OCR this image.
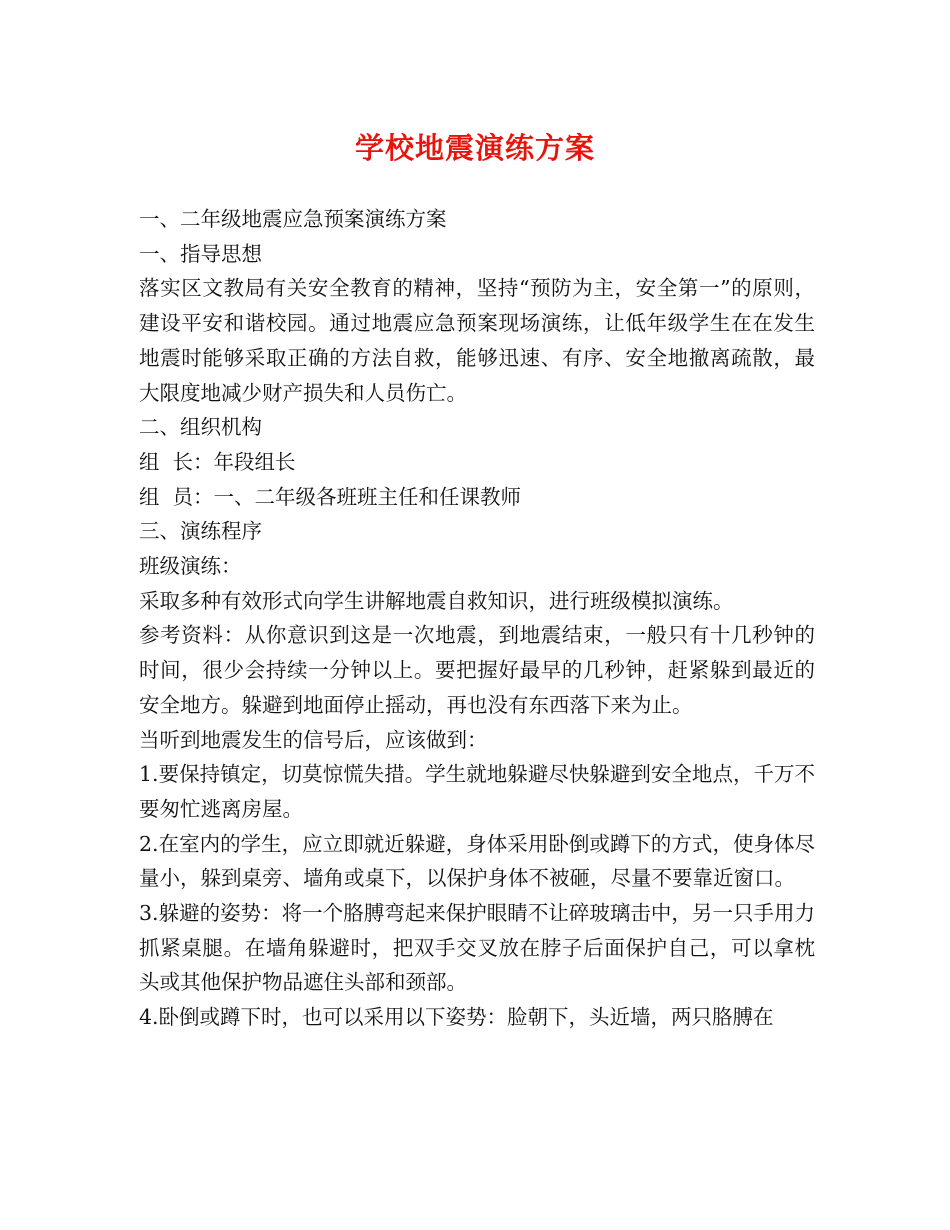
学校地震演练方案

一、二年级地震应急预案演练方案

一、指导思想

落实区文教局有关安全教育的精神，坚持“预防为主，安全第一”的原则，建设平安和谐校园。通过地震应急预案现场演练，让低年级学生在在发生地震时能够采取正确的方法自救，能够迅速、有序、安全地撤离疏散，最大限度地减少财产损失和人员伤亡。

二、组织机构

组  长：年段组长

组  员：一、二年级各班班主任和任课教师

三、演练程序

班级演练：

采取多种有效形式向学生讲解地震自救知识，进行班级模拟演练。

参考资料：从你意识到这是一次地震，到地震结束，一般只有十几秒钟的时间，很少会持续一分钟以上。要把握好最早的几秒钟，赶紧躲到最近的安全地方。躲避到地面停止摇动，再也没有东西落下来为止。

当听到地震发生的信号后，应该做到：

1.要保持镇定，切莫惊慌失措。学生就地躲避尽快躲避到安全地点，千万不要匆忙逃离房屋。

2.在室内的学生，应立即就近躲避，身体采用卧倒或蹲下的方式，使身体尽量小，躲到桌旁、墙角或桌下，以保护身体不被砸，尽量不要靠近窗口。

3.躲避的姿势：将一个胳膊弯起来保护眼睛不让碎玻璃击中，另一只手用力抓紧桌腿。在墙角躲避时，把双手交叉放在脖子后面保护自己，可以拿枕头或其他保护物品遮住头部和颈部。

4.卧倒或蹲下时，也可以采用以下姿势：脸朝下，头近墙，两只胳膊在
